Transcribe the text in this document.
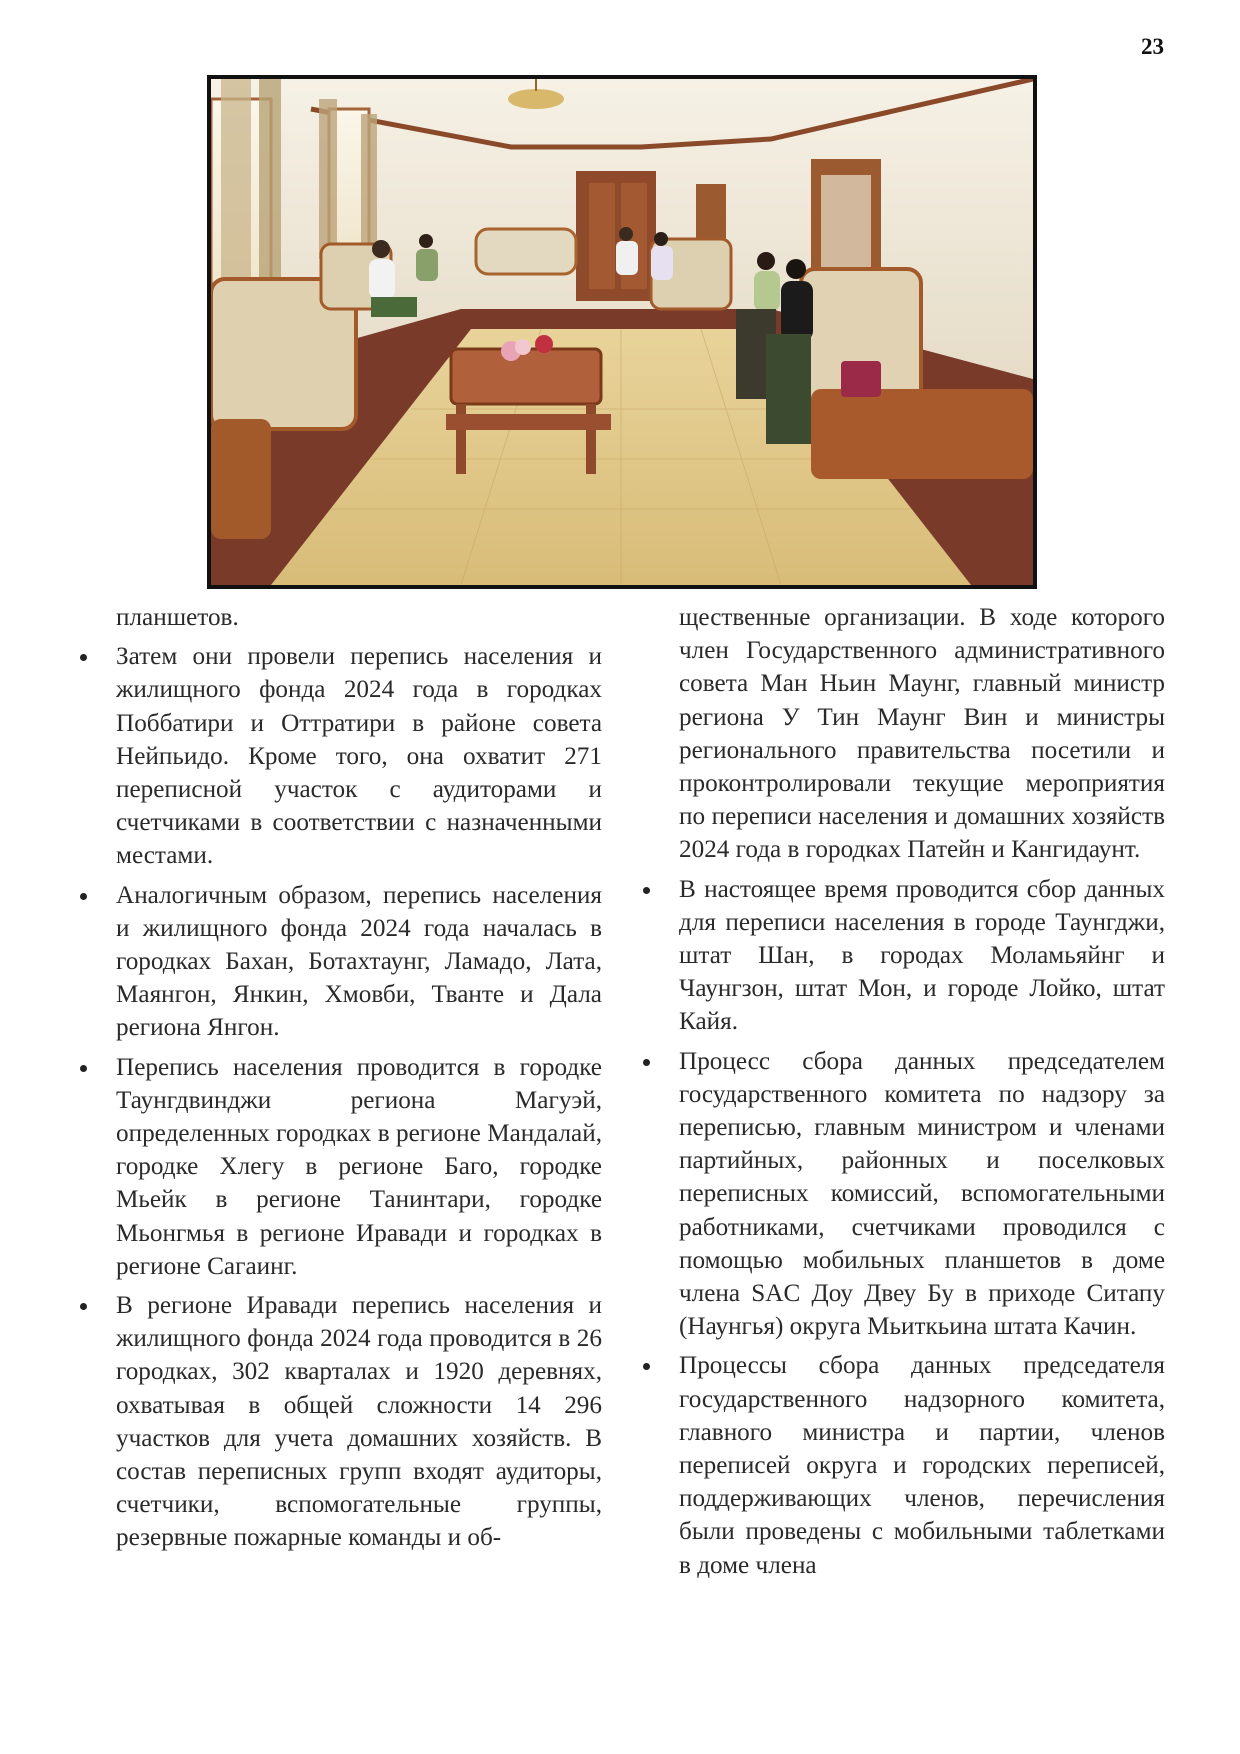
23

планшетов.

Затем они провели перепись населения и жилищного фонда 2024 года в городках Поббатири и Оттратири в районе совета Нейпьидо. Кроме того, она охватит 271 переписной участок с аудиторами и счетчиками в соответствии с назначенными местами.
Аналогичным образом, перепись населения и жилищного фонда 2024 года началась в городках Бахан, Ботахтаунг, Ламадо, Лата, Маянгон, Янкин, Хмовби, Тванте и Дала региона Янгон.
Перепись населения проводится в городке Таунгдвинджи региона Магуэй, определенных городках в регионе Мандалай, городке Хлегу в регионе Баго, городке Мьейк в регионе Танинтари, городке Мьонгмья в регионе Иравади и городках в регионе Сагаинг.
В регионе Иравади перепись населения и жилищного фонда 2024 года проводится в 26 городках, 302 кварталах и 1920 деревнях, охватывая в общей сложности 14 296 участков для учета домашних хозяйств. В состав переписных групп входят аудиторы, счетчики, вспомогательные группы, резервные пожарные команды и об-

щественные организации. В ходе которого член Государственного административного совета Ман Ньин Маунг, главный министр региона У Тин Маунг Вин и министры регионального правительства посетили и проконтролировали текущие мероприятия по переписи населения и домашних хозяйств 2024 года в городках Патейн и Кангидаунт.

В настоящее время проводится сбор данных для переписи населения в городе Таунгджи, штат Шан, в городах Моламьяйнг и Чаунгзон, штат Мон, и городе Лойко, штат Кайя.
Процесс сбора данных председателем государственного комитета по надзору за переписью, главным министром и членами партийных, районных и поселковых переписных комиссий, вспомогательными работниками, счетчиками проводился с помощью мобильных планшетов в доме члена SAC Доу Двеу Бу в приходе Ситапу (Наунгья) округа Мьиткьина штата Качин.
Процессы сбора данных председателя государственного надзорного комитета, главного министра и партии, членов переписей округа и городских переписей, поддерживающих членов, перечисления были проведены с мобильными таблетками в доме члена
